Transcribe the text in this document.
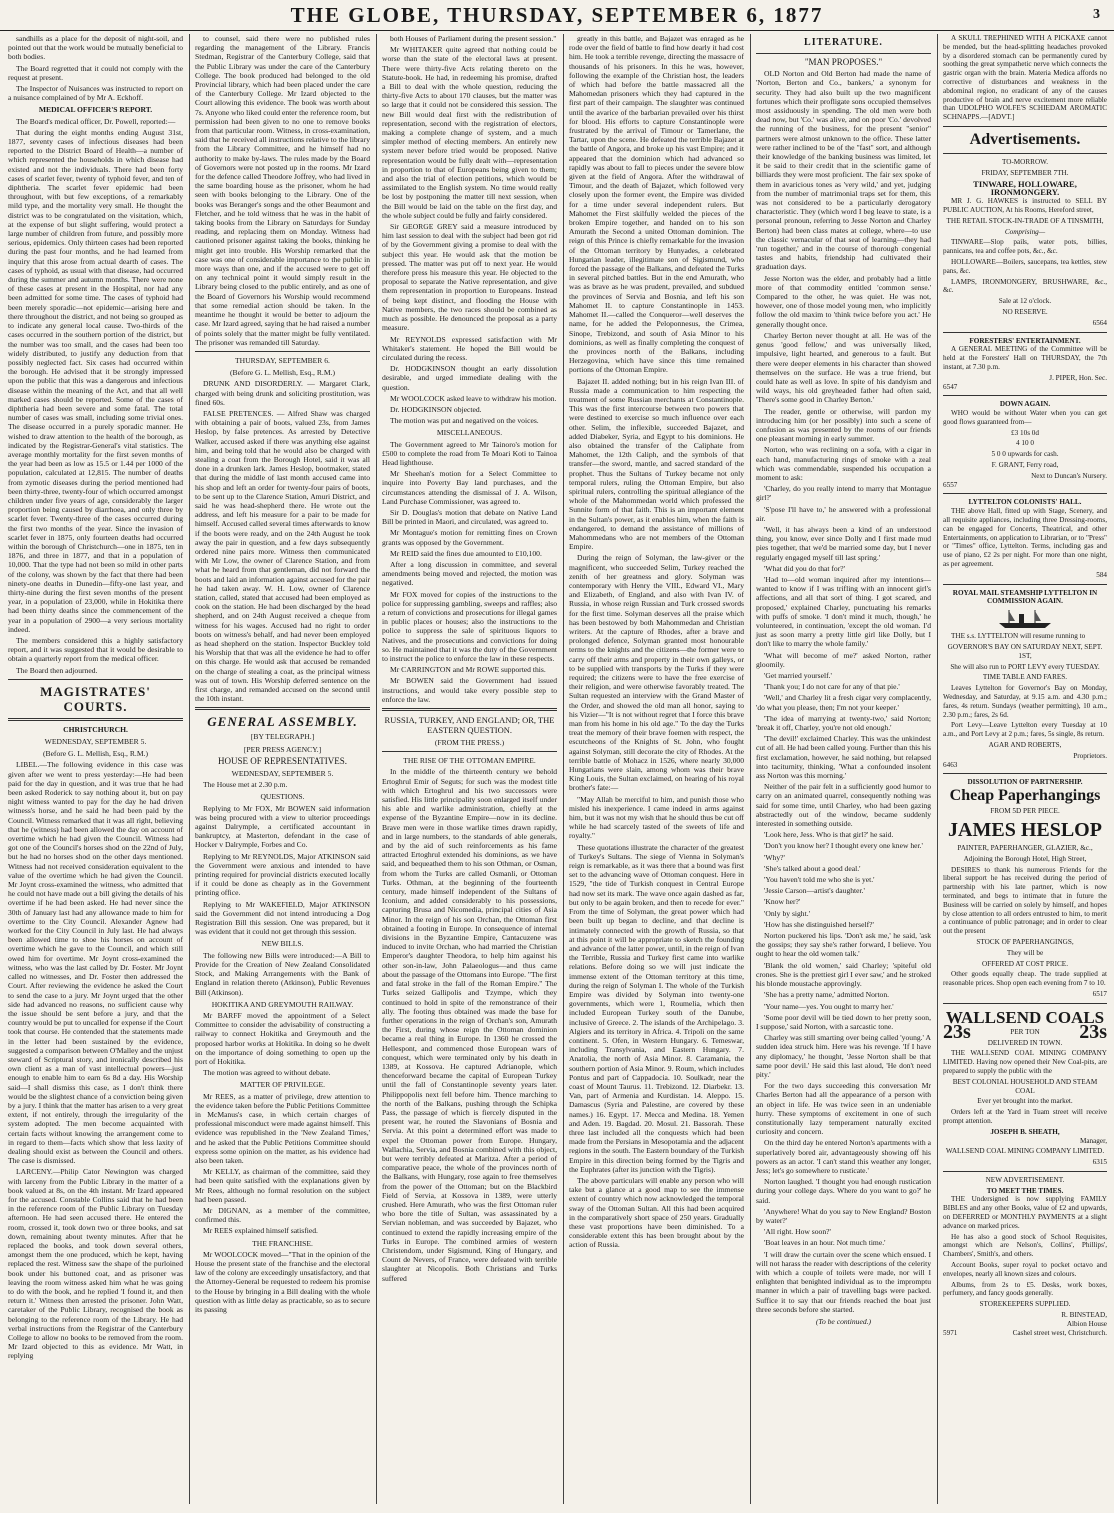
THE GLOBE, THURSDAY, SEPTEMBER 6, 1877	3

sandhills as a place for the deposit of night-soil, and pointed out that the work would be mutually beneficial to both bodies.

The Board regretted that it could not comply with the request at present.

The Inspector of Nuisances was instructed to report on a nuisance complained of by Mr A. Eckhoff.

MEDICAL OFFICER'S REPORT.

The Board's medical officer, Dr. Powell, reported:—

That during the eight months ending August 31st, 1877, seventy cases of infectious diseases had been reported to the District Board of Health—a number of which represented the households in which disease had existed and not the individuals. There had been forty cases of scarlet fever, twenty of typhoid fever, and ten of diphtheria. The scarlet fever epidemic had been throughout, with but few exceptions, of a remarkably mild type, and the mortality very small. He thought the district was to be congratulated on the visitation, which, at the expense of but slight suffering, would protect a large number of children from future, and possibly more serious, epidemics. Only thirteen cases had been reported during the past four months, and he had learned from inquiry that this arose from actual dearth of cases. The cases of typhoid, as usual with that disease, had occurred during the summer and autumn months. There were none of these cases at present in the Hospital, nor had any been admitted for some time. The cases of typhoid had been merely sporadic—not epidemic—arising here and there throughout the district, and not being so grouped as to indicate any general local cause. Two-thirds of the cases occurred in the southern portion of the district, but the number was too small, and the cases had been too widely distributed, to justify any deduction from that possibly neglected fact. Six cases had occurred within the borough. He advised that it be strongly impressed upon the public that this was a dangerous and infectious disease within the meaning of the Act, and that all well marked cases should be reported. Some of the cases of diphtheria had been severe and some fatal. The total number of cases was small, including some trivial ones. The disease occurred in a purely sporadic manner. He wished to draw attention to the health of the borough, as indicated by the Registrar-General's vital statistics. The average monthly mortality for the first seven months of the year had been as low as 15.5 or 1.44 per 1000 of the population, calculated at 12,815. The number of deaths from zymotic diseases during the period mentioned had been thirty-three, twenty-four of which occurred amongst children under five years of age, considerably the larger proportion being caused by diarrhoea, and only three by scarlet fever. Twenty-three of the cases occurred during the first two months of the year. Since the invasion of scarlet fever in 1875, only fourteen deaths had occurred within the borough of Christchurch—one in 1875, ten in 1876, and three in 1877, and that in a population of 10,000. That the type had not been so mild in other parts of the colony, was shown by the fact that there had been ninety-one deaths in Dunedin—fifty-one last year, and thirty-nine during the first seven months of the present year, in a population of 23,000, while in Hokitika there had been thirty deaths since the commencement of the year in a population of 2900—a very serious mortality indeed.

The members considered this a highly satisfactory report, and it was suggested that it would be desirable to obtain a quarterly report from the medical officer.

The Board then adjourned.

MAGISTRATES' COURTS.
CHRISTCHURCH.
WEDNESDAY, SEPTEMBER 5.
(Before G. L. Mellish, Esq., R.M.)

LIBEL.—The following evidence in this case was given after we went to press yesterday:—He had been paid for the day in question, and it was true that he had been asked Roderick to say nothing about it, but on pay night witness wanted to pay for the day he had driven witness's horse, and he said he had been paid by the Council. Witness remarked that it was all right, believing that he (witness) had been allowed the day on account of overtime which he had given the Council. Witness had got one of the Council's horses shod on the 22nd of July, but he had no horses shod on the other days mentioned. Witness had not received consideration equivalent to the value of the overtime which he had given the Council. Mr Joynt cross-examined the witness, who admitted that he could not have made out a bill giving the details of his overtime if he had been asked. He had never since the 30th of January last had any allowance made to him for overtime to the City Council. Alexander Agnew had worked for the City Council in July last. He had always been allowed time to shoe his horses on account of overtime which he gave to the Council, and which still owed him for overtime. Mr Joynt cross-examined the witness, who was the last called by Dr. Foster. Mr Joynt called no witnesses, and Dr. Foster then addressed the Court. After reviewing the evidence he asked the Court to send the case to a jury. Mr Joynt urged that the other side had advanced no reasons, no sufficient cause why the issue should be sent before a jury, and that the country would be put to uncalled for expense if the Court took that course. He contended that the statements made in the letter had been sustained by the evidence, suggested a comparison between O'Malley and the unjust steward of Scriptural story, and ironically described his own client as a man of vast intellectual powers—just enough to enable him to earn 6s 8d a day. His Worship said—I shall dismiss this case, as I don't think there would be the slightest chance of a conviction being given by a jury. I think that the matter has arisen to a very great extent, if not entirely, through the irregularity of the system adopted. The men become acquainted with certain facts without knowing the arrangement come to in regard to them—facts which show that less laxity of dealing should exist as between the Council and others. The case is dismissed.

LARCENY.—Philip Cator Newington was charged with larceny from the Public Library in the matter of a book valued at 8s, on the 4th instant. Mr Izard appeared for the accused. Constable Collins said that he had been in the reference room of the Public Library on Tuesday afternoon. He had seen accused there. He entered the room, crossed it, took down two or three books, and sat down, remaining about twenty minutes. After that he replaced the books, and took down several others, amongst them the one produced, which he kept, having replaced the rest. Witness saw the shape of the purloined book under his buttoned coat, and as prisoner was leaving the room witness asked him what he was going to do with the book, and he replied 'I found it, and then return it.' Witness then arrested the prisoner. John Watt, caretaker of the Public Library, recognised the book as belonging to the reference room of the Library. He had verbal instructions from the Registrar of the Canterbury College to allow no books to be removed from the room. Mr Izard objected to this as evidence. Mr Watt, in replying

to counsel, said there were no published rules regarding the management of the Library. Francis Stedman, Registrar of the Canterbury College, said that the Public Library was under the care of the Canterbury College. The book produced had belonged to the old Provincial library, which had been placed under the care of the Canterbury College. Mr Izard objected to the Court allowing this evidence. The book was worth about 7s. Anyone who liked could enter the reference room, but permission had been given to no one to remove books from that particular room. Witness, in cross-examination, said that he received all instructions relative to the library from the Library Committee, and he himself had no authority to make by-laws. The rules made by the Board of Governors were not posted up in the rooms. Mr Izard for the defence called Theodore Joffrey, who had lived in the same boarding house as the prisoner, whom he had seen with books belonging to the Library. One of the books was Beranger's songs and the other Beaumont and Fletcher, and he told witness that he was in the habit of taking books from the Library on Saturdays for Sunday reading, and replacing them on Monday. Witness had cautioned prisoner against taking the books, thinking he might get into trouble. His Worship remarked that the case was one of considerable importance to the public in more ways than one, and if the accused were to get off on any technical point it would simply result in the Library being closed to the public entirely, and as one of the Board of Governors his Worship would recommend that some remedial action should be taken. In the meantime he thought it would be better to adjourn the case. Mr Izard agreed, saying that he had raised a number of points solely that the matter might be fully ventilated. The prisoner was remanded till Saturday.

THURSDAY, SEPTEMBER 6.
(Before G. L. Mellish, Esq., R.M.)

DRUNK AND DISORDERLY. — Margaret Clark, charged with being drunk and soliciting prostitution, was fined 60s.

FALSE PRETENCES. — Alfred Shaw was charged with obtaining a pair of boots, valued 23s, from James Heslop, by false pretences. As arrested by Detective Walker, accused asked if there was anything else against him, and being told that he would also be charged with stealing a coat from the Borough Hotel, said it was all done in a drunken lark. James Heslop, bootmaker, stated that during the middle of last month accused came into his shop and left an order for twenty-four pairs of boots, to be sent up to the Clarence Station, Amuri District, and said he was head-shepherd there. He wrote out the address, and left his measure for a pair to be made for himself. Accused called several times afterwards to know if the boots were ready, and on the 24th August he took away the pair in question, and a few days subsequently ordered nine pairs more. Witness then communicated with Mr Low, the owner of Clarence Station, and from what he heard from that gentleman, did not forward the boots and laid an information against accused for the pair he had taken away. W. H. Low, owner of Clarence station, called, stated that accused had been employed as cook on the station. He had been discharged by the head shepherd, and on 24th August received a cheque from witness for his wages. Accused had no right to order boots on witness's behalf, and had never been employed as head shepherd on the station. Inspector Buckley told his Worship that that was all the evidence he had to offer on this charge. He would ask that accused be remanded on the charge of stealing a coat, as the principal witness was out of town. His Worship deferred sentence on the first charge, and remanded accused on the second until the 10th instant.

GENERAL ASSEMBLY.
[BY TELEGRAPH.]
[PER PRESS AGENCY.]
HOUSE OF REPRESENTATIVES.
WEDNESDAY, SEPTEMBER 5.

The House met at 2.30 p.m.

QUESTIONS.

Replying to Mr FOX, Mr BOWEN said information was being procured with a view to ulterior proceedings against Dalrymple, a certificated accountant in bankruptcy, at Masterton, defendant in the case of Hocker v Dalrymple, Forbes and Co.

Replying to Mr REYNOLDS, Major ATKINSON said the Government were anxious and intended to have printing required for provincial districts executed locally if it could be done as cheaply as in the Government printing office.

Replying to Mr WAKEFIELD, Major ATKINSON said the Government did not intend introducing a Dog Registration Bill this session. One was prepared, but it was evident that it could not get through this session.

NEW BILLS.

The following new Bills were introduced:—A Bill to Provide for the Creation of New Zealand Consolidated Stock, and Making Arrangements with the Bank of England in relation thereto (Atkinson), Public Revenues Bill (Atkinson).

HOKITIKA AND GREYMOUTH RAILWAY.

Mr BARFF moved the appointment of a Select Committee to consider the advisability of constructing a railway to connect Hokitika and Greymouth and the proposed harbor works at Hokitika. In doing so he dwelt on the importance of doing something to open up the port of Hokitika.

The motion was agreed to without debate.

MATTER OF PRIVILEGE.

Mr REES, as a matter of privilege, drew attention to the evidence taken before the Public Petitions Committee in McManus's case, in which certain charges of professional misconduct were made against himself. This evidence was republished in the 'New Zealand Times,' and he asked that the Public Petitions Committee should express some opinion on the matter, as his evidence had also been taken.

Mr KELLY, as chairman of the committee, said they had been quite satisfied with the explanations given by Mr Rees, although no formal resolution on the subject had been passed.

Mr DIGNAN, as a member of the committee, confirmed this.

Mr REES explained himself satisfied.

THE FRANCHISE.

Mr WOOLCOCK moved—"That in the opinion of the House the present state of the franchise and the electoral law of the colony are exceedingly unsatisfactory, and that the Attorney-General be requested to redeem his promise to the House by bringing in a Bill dealing with the whole question with as little delay as practicable, so as to secure its passing

both Houses of Parliament during the present session."

Mr WHITAKER quite agreed that nothing could be worse than the state of the electoral laws at present. There were thirty-five Acts relating thereto on the Statute-book. He had, in redeeming his promise, drafted a Bill to deal with the whole question, reducing the thirty-five Acts to about 170 clauses, but the matter was so large that it could not be considered this session. The new Bill would deal first with the redistribution of representation, second with the registration of electors, making a complete change of system, and a much simpler method of electing members. An entirely new system never before tried would be proposed. Native representation would be fully dealt with—representation in proportion to that of Europeans being given to them; and also the trial of election petitions, which would be assimilated to the English system. No time would really be lost by postponing the matter till next session, when the Bill would be laid on the table on the first day, and the whole subject could be fully and fairly considered.

Sir GEORGE GREY said a measure introduced by him last session to deal with the subject had been got rid of by the Government giving a promise to deal with the subject this year. He would ask that the motion be pressed. The matter was put off to next year. He would therefore press his measure this year. He objected to the proposal to separate the Native representation, and give them representation in proportion to Europeans. Instead of being kept distinct, and flooding the House with Native members, the two races should be combined as much as possible. He denounced the proposal as a party measure.

Mr REYNOLDS expressed satisfaction with Mr Whitaker's statement. He hoped the Bill would be circulated during the recess.

Dr. HODGKINSON thought an early dissolution desirable, and urged immediate dealing with the question.

Mr WOOLCOCK asked leave to withdraw his motion.

Dr. HODGKINSON objected.

The motion was put and negatived on the voices.

MISCELLANEOUS.

The Government agreed to Mr Tainoro's motion for £500 to complete the road from Te Moari Koti to Tainoa Head lighthouse.

Mr Sheehan's motion for a Select Committee to inquire into Poverty Bay land purchases, and the circumstances attending the dismissal of J. A. Wilson, Land Purchase Commissioner, was agreed to.

Sir D. Douglas's motion that debate on Native Land Bill be printed in Maori, and circulated, was agreed to.

Mr Montague's motion for remitting fines on Crown grants was opposed by the Government.

Mr REID said the fines due amounted to £10,100.

After a long discussion in committee, and several amendments being moved and rejected, the motion was negatived.

Mr FOX moved for copies of the instructions to the police for suppressing gambling, sweeps and raffles; also a return of convictions and prosecutions for illegal games in public places or houses; also the instructions to the police to suppress the sale of spirituous liquors to Natives, and the prosecutions and convictions for doing so. He maintained that it was the duty of the Government to instruct the police to enforce the law in these respects.

Mr CARRINGTON and Mr ROWE supported this.

Mr BOWEN said the Government had issued instructions, and would take every possible step to enforce the law.

RUSSIA, TURKEY, AND ENGLAND; OR, THE EASTERN QUESTION.
(FROM THE PRESS.)
THE RISE OF THE OTTOMAN EMPIRE.

In the middle of the thirteenth century we behold Ertoghrul Emir of Seguts; for such was the modest title with which Ertoghrul and his two successors were satisfied. His little principality soon enlarged itself under his able and warlike administration, chiefly at the expense of the Byzantine Empire—now in its decline. Brave men were in those warlike times drawn rapidly, and in large numbers, to the standards of able generals, and by the aid of such reinforcements as his fame attracted Ertoghrul extended his dominions, as we have said, and bequeathed them to his son Othman, or Osman, from whom the Turks are called Osmanli, or Ottoman Turks. Othman, at the beginning of the fourteenth century, made himself independent of the Sultans of Iconium, and added considerably to his possessions, capturing Brusa and Nicomedia, principal cities of Asia Minor. In the reign of his son Orchan, the Ottoman first obtained a footing in Europe. In consequence of internal divisions in the Byzantine Empire, Cantacuzene was induced to invite Orchan, who had married the Christian Emperor's daughter Theodora, to help him against his other son-in-law, John Palaeologus—and thus came about the passage of the Ottomans into Europe. "The first and fatal stroke in the fall of the Roman Empire." The Turks seized Gallipolis and Tzympe, which they continued to hold in spite of the remonstrance of their ally. The footing thus obtained was made the base for further operations in the reign of Orchan's son, Amurath the First, during whose reign the Ottoman dominion became a real thing in Europe. In 1360 he crossed the Hellespont, and commenced those European wars of conquest, which were terminated only by his death in 1389, at Kossova. He captured Adrianople, which thenceforward became the capital of European Turkey until the fall of Constantinople seventy years later. Philippopolis next fell before him. Thence marching to the north of the Balkans, pushing through the Schipka Pass, the passage of which is fiercely disputed in the present war, he routed the Slavonians of Bosnia and Servia. At this point a determined effort was made to expel the Ottoman power from Europe. Hungary, Wallachia, Servia, and Bosnia combined with this object, but were terribly defeated at Maritza. After a period of comparative peace, the whole of the provinces north of the Balkans, with Hungary, rose again to free themselves from the power of the Ottoman; but on the Blackbird Field of Servia, at Kossova in 1389, were utterly crushed. Here Amurath, who was the first Ottoman ruler who bore the title of Sultan, was assassinated by a Servian nobleman, and was succeeded by Bajazet, who continued to extend the rapidly increasing empire of the Turks in Europe. The combined armies of western Christendom, under Sigismund, King of Hungary, and Count de Nevers, of France, were defeated with terrible slaughter at Nicopolis. Both Christians and Turks suffered

greatly in this battle, and Bajazet was enraged as he rode over the field of battle to find how dearly it had cost him. He took a terrible revenge, directing the massacre of thousands of his prisoners. In this he was, however, following the example of the Christian host, the leaders of which had before the battle massacred all the Mahomedan prisoners which they had captured in the first part of their campaign. The slaughter was continued until the avarice of the barbarian prevailed over his thirst for blood. His efforts to capture Constantinople were frustrated by the arrival of Timour or Tamerlane, the Tartar, upon the scene. He defeated the terrible Bajazet at the battle of Angora, and broke up his vast Empire; and it appeared that the dominion which had advanced so rapidly was about to fall to pieces under the severe blow given at the field of Angora. After the withdrawal of Timour, and the death of Bajazet, which followed very closely upon the former event, the Empire was divided for a time under several independent rulers. But Mahomet the First skilfully welded the pieces of the broken Empire together, and handed on to his son Amurath the Second a united Ottoman dominion. The reign of this Prince is chiefly remarkable for the invasion of the Ottoman territory by Hunyades, a celebrated Hungarian leader, illegitimate son of Sigismund, who forced the passage of the Balkans, and defeated the Turks in several pitched battles. But in the end Amurath, who was as brave as he was prudent, prevailed, and subdued the provinces of Servia and Bosnia, and left his son Mahomet II. to capture Constantinople in 1453. Mahomet II.—called the Conqueror—well deserves the name, for he added the Peloponnesus, the Crimea, Sinope, Trebizond, and south of Asia Minor to his dominions, as well as finally completing the conquest of the provinces north of the Balkans, including Herzegovina, which have since this time remained portions of the Ottoman Empire.

Bajazet II. added nothing; but in his reign Ivan III. of Russia made a communication to him respecting the treatment of some Russian merchants at Constantinople. This was the first intercourse between two powers that were destined to exercise so much influence over each other. Selim, the inflexible, succeeded Bajazet, and added Diabeker, Syria, and Egypt to his dominions. He also obtained the transfer of the Caliphate from Mahomet, the 12th Caliph, and the symbols of that transfer—the sword, mantle, and sacred standard of the prophet. Thus the Sultans of Turkey became not only temporal rulers, ruling the Ottoman Empire, but also spiritual rulers, controlling the spiritual allegiance of the whole of the Mahommedan world which professed the Sunnite form of that faith. This is an important element in the Sultan's power, as it enables him, when the faith is endangered, to demand the assistance of millions of Mahommedans who are not members of the Ottoman Empire.

During the reign of Solyman, the law-giver or the magnificent, who succeeded Selim, Turkey reached the zenith of her greatness and glory. Solyman was contemporary with Henry the VIII., Edward VI., Mary and Elizabeth, of England, and also with Ivan IV. of Russia, in whose reign Russian and Turk crossed swords for the first time. Solyman deserves all the praise which has been bestowed by both Mahommedan and Christian writers. At the capture of Rhodes, after a brave and prolonged defence, Solyman granted most honourable terms to the knights and the citizens—the former were to carry off their arms and property in their own galleys, or to be supplied with transports by the Turks if they were required; the citizens were to have the free exercise of their religion, and were otherwise favorably treated. The Sultan requested an interview with the Grand Master of the Order, and showed the old man all honor, saying to his Vizier—"It is not without regret that I force this brave man from his home in his old age." To the day the Turks treat the memory of their brave foemen with respect, the escutcheons of the Knights of St. John, who fought against Solyman, still decorate the city of Rhodes. At the terrible battle of Mohacz in 1526, where nearly 30,000 Hungarians were slain, among whom was their brave King Louis, the Sultan exclaimed, on hearing of his royal brother's fate:—

"May Allah be merciful to him, and punish those who misled his inexperience. I came indeed in arms against him, but it was not my wish that he should thus be cut off while he had scarcely tasted of the sweets of life and royalty."

These quotations illustrate the character of the greatest of Turkey's Sultans. The siege of Vienna in Solyman's reign is remarkable, as it was there that a bound was first set to the advancing wave of Ottoman conquest. Here in 1529, "the tide of Turkish conquest in Central Europe had now set its mark. The wave once again dashed as far, but only to be again broken, and then to recede for ever." From the time of Solyman, the great power which had been built up began to decline, and that decline is intimately connected with the growth of Russia, so that at this point it will be appropriate to sketch the founding and advance of the latter power, until, in the reign of Ivan the Terrible, Russia and Turkey first came into warlike relations. Before doing so we will just indicate the immense extent of the Ottoman territory at this time, during the reign of Solyman I. The whole of the Turkish Empire was divided by Solyman into twenty-one governments, which were 1, Roumelia, which then included European Turkey south of the Danube, inclusive of Greece. 2. The islands of the Archipelago. 3. Algiers and its territory in Africa. 4. Tripoli on the same continent. 5. Ofen, in Western Hungary. 6. Temeswar, including Transylvania, and Eastern Hungary. 7. Anatolia, the north of Asia Minor. 8. Caramania, the southern portion of Asia Minor. 9. Roum, which includes Pontus and part of Cappadocia. 10. Soulkadr, near the coast of Mount Taurus. 11. Trebizond. 12. Diarbekr. 13. Van, part of Armenia and Kurdistan. 14. Aleppo. 15. Damascus (Syria and Palestine, are covered by these names.) 16. Egypt. 17. Mecca and Medina. 18. Yemen and Aden. 19. Bagdad. 20. Mosul. 21. Bassorah. These three last included all the conquests which had been made from the Persians in Mesopotamia and the adjacent regions in the south. The Eastern boundary of the Turkish Empire in this direction being formed by the Tigris and the Euphrates (after its junction with the Tigris).

The above particulars will enable any person who will take but a glance at a good map to see the immense extent of country which now acknowledged the temporal sway of the Ottoman Sultan. All this had been acquired in the comparatively short space of 250 years. Gradually these vast proportions have been diminished. To a considerable extent this has been brought about by the action of Russia.

LITERATURE.
"MAN PROPOSES."

OLD Norton and Old Berton had made the name of 'Norton, Berton and Co., bankers,' a synonym for security. They had also built up the two magnificent fortunes which their profligate sons occupied themselves most assiduously in spending. The old men were both dead now, but 'Co.' was alive, and on poor 'Co.' devolved the running of the business, for the present "senior" partners were almost unknown to the office. These latter were rather inclined to be of the "fast" sort, and although their knowledge of the banking business was limited, let it be said to their credit that in the scientific game of billiards they were most proficient. The fair sex spoke of them in avaricious tones as 'very wild,' and yet, judging from the number of matrimonial traps set for them, this was not considered to be a particularly derogatory characteristic. They (which word I beg leave to state, is a personal pronoun, referring to Jesse Norton and Charley Berton) had been class mates at college, where—to use the classic vernacular of that seat of learning—they had 'run together,' and in the course of thorough congenial tastes and habits, friendship had cultivated their graduation days.

Jesse Norton was the elder, and probably had a little more of that commodity entitled 'common sense.' Compared to the other, he was quiet. He was not, however, one of those model young men, who implicitly follow the old maxim to 'think twice before you act.' He generally thought once.

Charley Berton never thought at all. He was of the genus 'good fellow,' and was universally liked, impulsive, light hearted, and generous to a fault. But there were deeper elements in his character than showed themselves on the surface. He was a true friend, but could hate as well as love. In spite of his dandyism and wild ways, his old greyheaded father had often said, 'There's some good in Charley Berton.'

The reader, gentle or otherwise, will pardon my introducing him (or her possibly) into such a scene of confusion as was presented by the rooms of our friends one pleasant morning in early summer.

Norton, who was reclining on a sofa, with a cigar in each hand, manufacturing rings of smoke with a zeal which was commendable, suspended his occupation a moment to ask:

'Charley, do you really intend to marry that Montague girl?'

'S'pose I'll have to,' he answered with a professional air.

'Well, it has always been a kind of an understood thing, you know, ever since Dolly and I first made mud pies together, that we'd be married some day, but I never regularly engaged myself till last spring.'

'What did you do that for?'

'Had to—old woman inquired after my intentions—wanted to know if I was trifling with an innocent girl's affections, and all that sort of thing. I got scared, and proposed,' explained Charley, punctuating his remarks with puffs of smoke. 'I don't mind it much, though,' he volunteered, in continuation, 'except the old woman. I'd just as soon marry a pretty little girl like Dolly, but I don't like to marry the whole family.'

'What will become of me?' asked Norton, rather gloomily.

'Get married yourself.'

'Thank you; I do not care for any of that pie.'

'Well,' and Charley lit a fresh cigar very complacently, 'do what you please, then; I'm not your keeper.'

'The idea of marrying at twenty-two,' said Norton; 'break it off, Charley, you're not old enough.'

'The devil!' exclaimed Charley. This was the unkindest cut of all. He had been called young. Further than this his first exclamation, however, he said nothing, but relapsed into taciturnity, thinking, 'What a confounded insolent ass Norton was this morning.'

Neither of the pair felt in a sufficiently good humor to carry on an animated quarrel, consequently nothing was said for some time, until Charley, who had been gazing abstractedly out of the window, became suddenly interested in something outside.

'Look here, Jess. Who is that girl?' he said.

'Don't you know her? I thought every one knew her.'

'Why?'

'She's talked about a good deal.'

'You haven't told me who she is yet.'

'Jessie Carson—artist's daughter.'

'Know her?'

'Only by sight.'

'How has she distinguished herself?'

Norton puckered his lips. 'Don't ask me,' he said, 'ask the gossips; they say she's rather forward, I believe. You ought to hear the old women talk.'

'Blank the old women,' said Charley; 'spiteful old crones. She is the prettiest girl I ever saw,' and he stroked his blonde moustache approvingly.

'She has a pretty name,' admitted Norton.

'Your name—yes. You ought to marry her.'

'Some poor devil will be tied down to her pretty soon, I suppose,' said Norton, with a sarcastic tone.

Charley was still smarting over being called 'young.' A sudden idea struck him. Here was his revenge. 'If I have any diplomacy,' he thought, 'Jesse Norton shall be that same poor devil.' He said this last aloud, 'He don't need pity.'

For the two days succeeding this conversation Mr Charles Berton had all the appearance of a person with an object in life. He was twice seen in an undeniable hurry. These symptoms of excitement in one of such constitutionally lazy temperament naturally excited curiosity and concern.

On the third day he entered Norton's apartments with a superlatively bored air, advantageously showing off his powers as an actor. 'I can't stand this weather any longer, Jess; let's go somewhere to rusticate.'

Norton laughed. 'I thought you had enough rustication during your college days. Where do you want to go?' he said.

'Anywhere! What do you say to New England? Boston by water?'

'All right. How soon?'

'Boat leaves in an hour. Not much time.'

'I will draw the curtain over the scene which ensued. I will not harass the reader with descriptions of the celerity with which a couple of toilets were made, nor will I enlighten that benighted individual as to the impromptu manner in which a pair of travelling bags were packed. Suffice it to say that our friends reached the boat just three seconds before she started.

(To be continued.)

A SKULL TREPHINED WITH A PICKAXE cannot be mended, but the head-splitting headaches provoked by a disordered stomach can be permanently cured by soothing the great sympathetic nerve which connects the gastric organ with the brain. Materia Medica affords no corrective of disturbances and weakness in the abdominal region, no eradicant of any of the causes productive of brain and nerve excitement more reliable than UDOLPHO WOLFE'S SCHIEDAM AROMATIC SCHNAPPS.—[ADVT.]

Advertisements.
TO-MORROW.
FRIDAY, SEPTEMBER 7TH.
TINWARE, HOLLOWARE, IRONMONGERY.

MR J. G. HAWKES is instructed to SELL BY PUBLIC AUCTION, At his Rooms, Hereford street,

THE RETAIL STOCK-IN-TRADE OF A TINSMITH,
Comprising—

TINWARE—Slop pails, water pots, billies, pannicans, tea and coffee pots, &c., &c.

HOLLOWARE—Boilers, saucepans, tea kettles, stew pans, &c.

LAMPS, IRONMONGERY, BRUSHWARE, &c., &c.

Sale at 12 o'clock.
NO RESERVE.
6564
FORESTERS' ENTERTAINMENT.

A GENERAL MEETING of the Committee will be held at the Foresters' Hall on THURSDAY, the 7th instant, at 7.30 p.m.

J. PIPER, Hon. Sec.
6547
DOWN AGAIN.

WHO would be without Water when you can get good flows guaranteed from—

£3 10s 0d
4 10 0
5 0 0 upwards for cash.
F. GRANT, Ferry road,
Next to Duncan's Nursery.
6557
LYTTELTON COLONISTS' HALL.

THE above Hall, fitted up with Stage, Scenery, and all requisite appliances, including three Dressing-rooms, can be engaged for Concerts, Theatrical, and other Entertainments, on application to Librarian, or to "Press" or "Times" office, Lyttelton. Terms, including gas and use of piano, £2 2s per night. For more than one night, as per agreement.

584
ROYAL MAIL STEAMSHIP LYTTELTON IN COMMISSION AGAIN.

THE s.s. LYTTELTON will resume running to

GOVERNOR'S BAY ON SATURDAY NEXT, SEPT. 1ST,
She will also run to PORT LEVY every TUESDAY.
TIME TABLE AND FARES.

Leaves Lyttelton for Governor's Bay on Monday, Wednesday, and Saturday, at 9.15 a.m. and 4.30 p.m.; fares, 4s return. Sundays (weather permitting), 10 a.m., 2.30 p.m.; fares, 2s 6d.

Port Levy—Leave Lyttelton every Tuesday at 10 a.m., and Port Levy at 2 p.m.; fares, 5s single, 8s return.

AGAR AND ROBERTS,
Proprietors.
6463
DISSOLUTION OF PARTNERSHIP.
Cheap Paperhangings
FROM 5D PER PIECE.
JAMES HESLOP
PAINTER, PAPERHANGER, GLAZIER, &c.,
Adjoining the Borough Hotel, High Street,

DESIRES to thank his numerous Friends for the liberal support he has received during the period of partnership with his late partner, which is now terminated, and begs to intimate that in future the Business will be carried on solely by himself, and hopes by close attention to all orders entrusted to him, to merit a continuance of public patronage; and in order to clear out the present

STOCK OF PAPERHANGINGS,
They will be
OFFERED AT COST PRICE.

Other goods equally cheap. The trade supplied at reasonable prices. Shop open each evening from 7 to 10.

6517
WALLSEND COALS
23s	PER TON 23s
DELIVERED IN TOWN.

THE WALLSEND COAL MINING COMPANY LIMITED. Having now opened their New Coal-pits, are prepared to supply the public with the

BEST COLONIAL HOUSEHOLD AND STEAM COAL
Ever yet brought into the market.

Orders left at the Yard in Tuam street will receive prompt attention.

JOSEPH B. SHEATH,
Manager,
WALLSEND COAL MINING COMPANY LIMITED.
6315
NEW ADVERTISEMENT.
TO MEET THE TIMES.

THE Undersigned is now supplying FAMILY BIBLES and any other Books, value of £2 and upwards, on DEFERRED or MONTHLY PAYMENTS at a slight advance on marked prices.

He has also a good stock of School Requisites, amongst which are Nelson's, Collins', Phillips', Chambers', Smith's, and others.

Account Books, super royal to pocket octavo and envelopes, nearly all known sizes and colours.

Albums, from 2s to £5. Desks, work boxes, perfumery, and fancy goods generally.

STOREKEEPERS SUPPLIED.
R. BINSTEAD,
Albion House
5971	Cashel street west, Christchurch.
